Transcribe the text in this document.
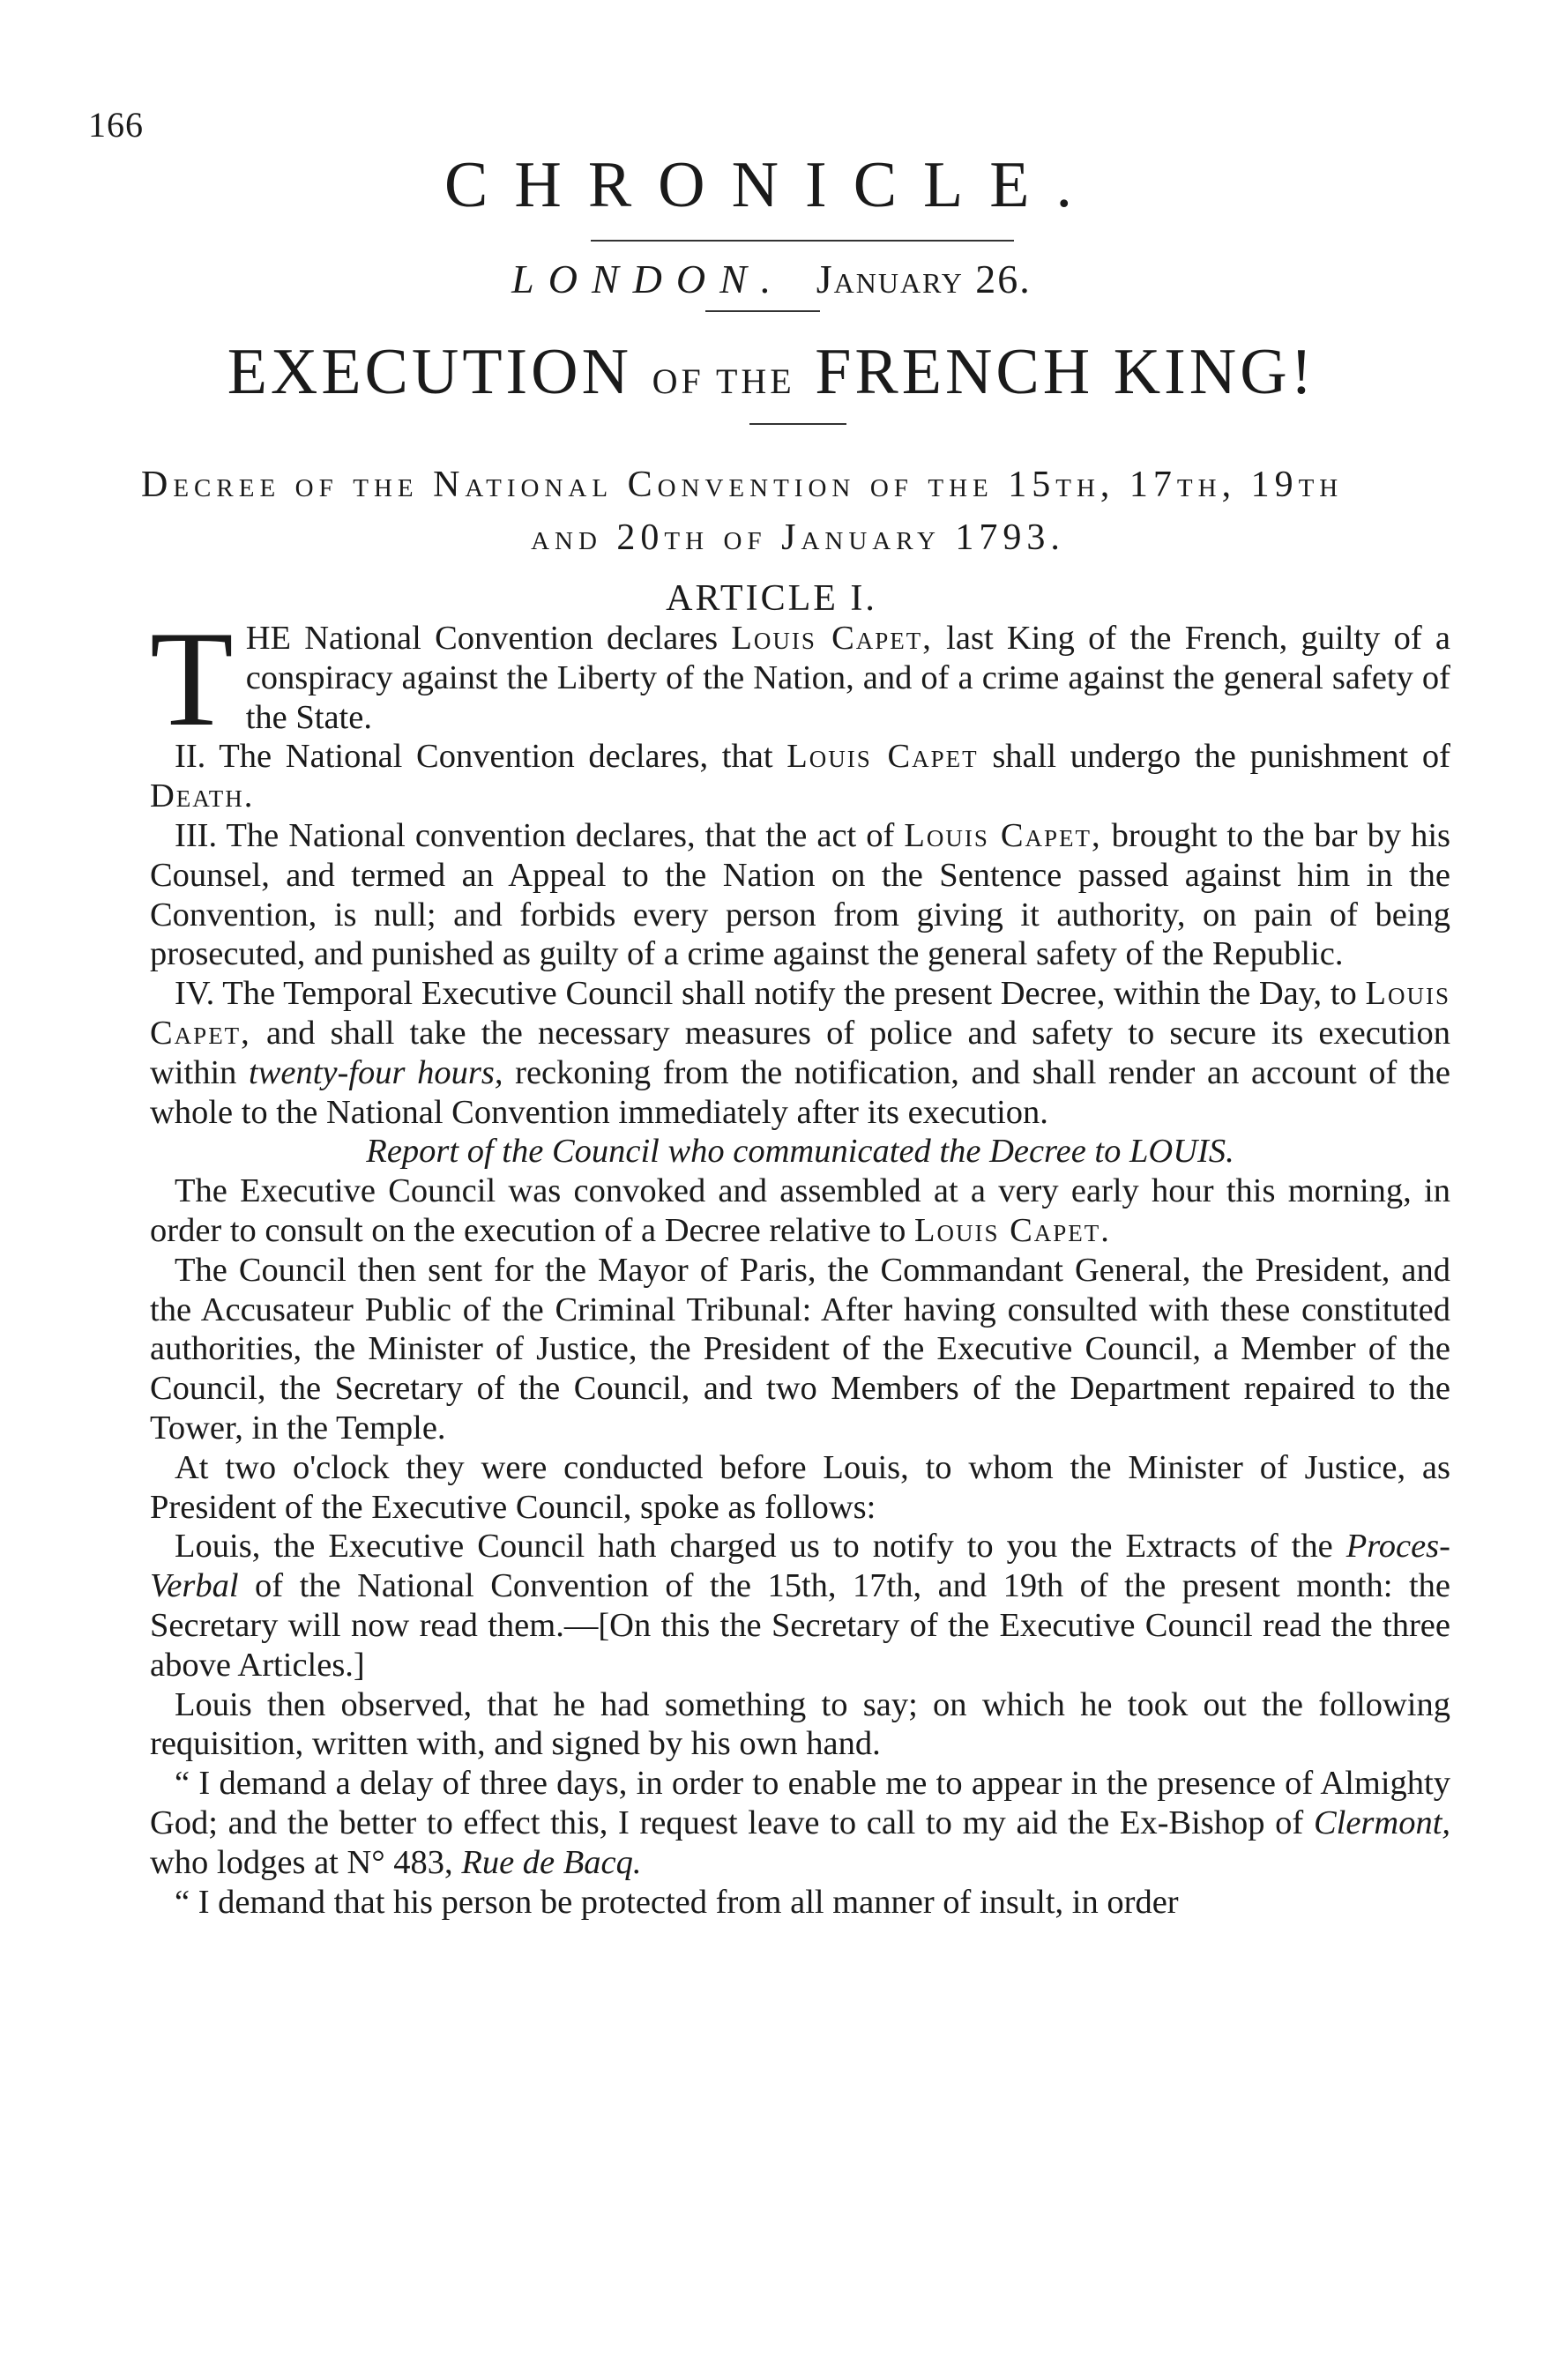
166
CHRONICLE.
LONDON. January 26.
EXECUTION OF THE FRENCH KING!
Decree of the National Convention of the 15th, 17th, 19th
and 20th of January 1793.
ARTICLE I.

T HE National Convention declares Louis Capet, last King of the French, guilty of a conspiracy against the Liberty of the Nation, and of a crime against the general safety of the State.

II. The National Convention declares, that Louis Capet shall undergo the punishment of Death.

III. The National convention declares, that the act of Louis Capet, brought to the bar by his Counsel, and termed an Appeal to the Nation on the Sentence passed against him in the Convention, is null; and forbids every person from giving it authority, on pain of being prosecuted, and punished as guilty of a crime against the general safety of the Republic.

IV. The Temporal Executive Council shall notify the present Decree, within the Day, to Louis Capet, and shall take the necessary measures of police and safety to secure its execution within twenty-four hours, reckoning from the notification, and shall render an account of the whole to the National Convention immediately after its execution.

Report of the Council who communicated the Decree to LOUIS.

The Executive Council was convoked and assembled at a very early hour this morning, in order to consult on the execution of a Decree relative to Louis Capet.

The Council then sent for the Mayor of Paris, the Commandant General, the President, and the Accusateur Public of the Criminal Tribunal: After having consulted with these constituted authorities, the Minister of Justice, the President of the Executive Council, a Member of the Council, the Secretary of the Council, and two Members of the Department repaired to the Tower, in the Temple.

At two o'clock they were conducted before Louis, to whom the Minister of Justice, as President of the Executive Council, spoke as follows:

Louis, the Executive Council hath charged us to notify to you the Extracts of the Proces-Verbal of the National Convention of the 15th, 17th, and 19th of the present month: the Secretary will now read them.—[On this the Secretary of the Executive Council read the three above Articles.]

Louis then observed, that he had something to say; on which he took out the following requisition, written with, and signed by his own hand.

“ I demand a delay of three days, in order to enable me to appear in the presence of Almighty God; and the better to effect this, I request leave to call to my aid the Ex-Bishop of Clermont, who lodges at N° 483, Rue de Bacq.

“ I demand that his person be protected from all manner of insult, in order
